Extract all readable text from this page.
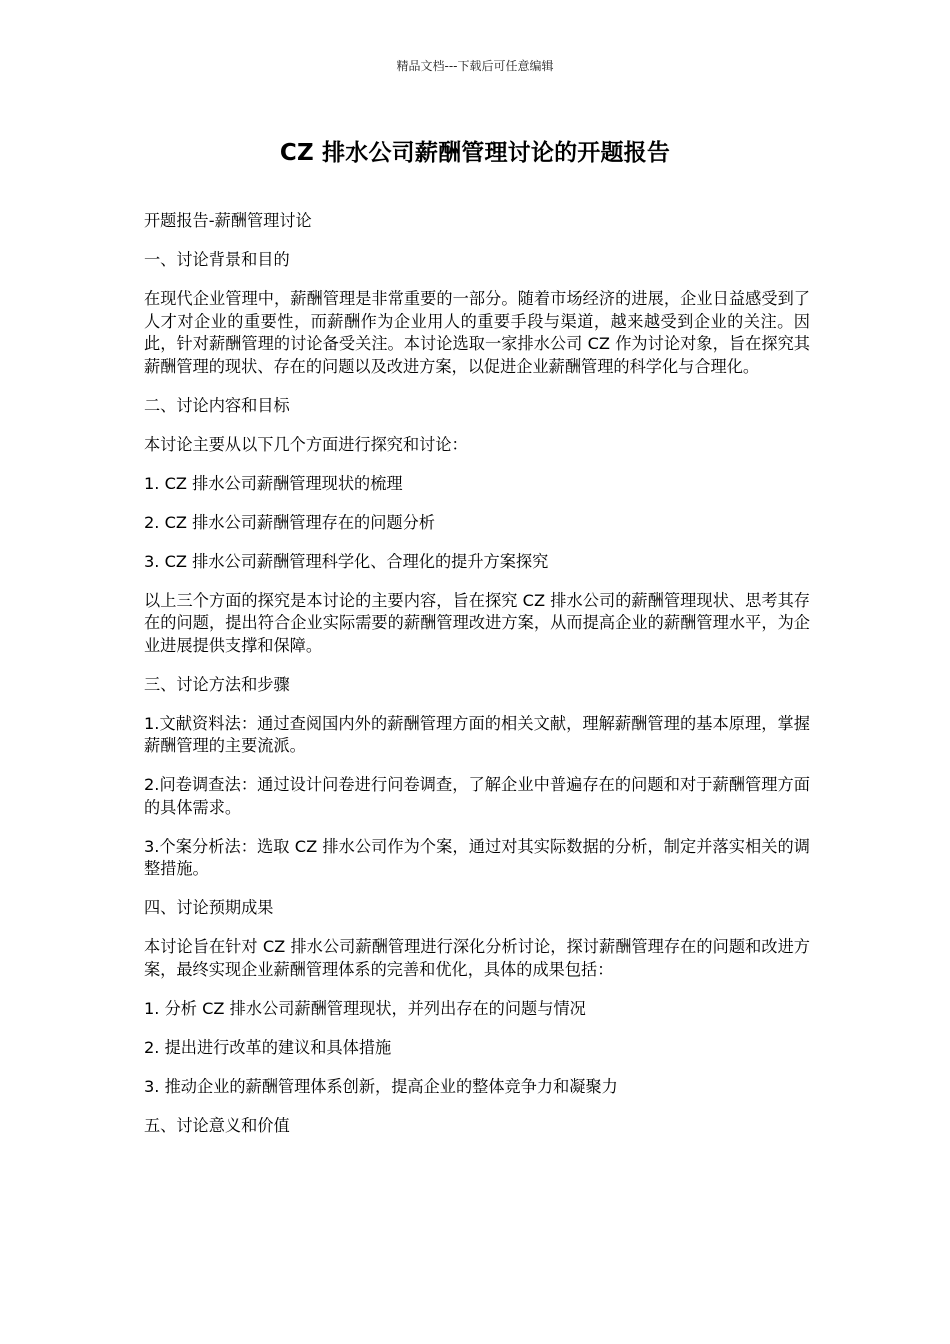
精品文档---下载后可任意编辑
CZ 排水公司薪酬管理讨论的开题报告

开题报告-薪酬管理讨论

一、讨论背景和目的

在现代企业管理中，薪酬管理是非常重要的一部分。随着市场经济的进展，企业日益感受到了人才对企业的重要性，而薪酬作为企业用人的重要手段与渠道，越来越受到企业的关注。因此，针对薪酬管理的讨论备受关注。本讨论选取一家排水公司 CZ 作为讨论对象，旨在探究其薪酬管理的现状、存在的问题以及改进方案，以促进企业薪酬管理的科学化与合理化。

二、讨论内容和目标

本讨论主要从以下几个方面进行探究和讨论：

1. CZ 排水公司薪酬管理现状的梳理

2. CZ 排水公司薪酬管理存在的问题分析

3. CZ 排水公司薪酬管理科学化、合理化的提升方案探究

以上三个方面的探究是本讨论的主要内容，旨在探究 CZ 排水公司的薪酬管理现状、思考其存在的问题，提出符合企业实际需要的薪酬管理改进方案，从而提高企业的薪酬管理水平，为企业进展提供支撑和保障。

三、讨论方法和步骤

1.文献资料法：通过查阅国内外的薪酬管理方面的相关文献，理解薪酬管理的基本原理，掌握薪酬管理的主要流派。

2.问卷调查法：通过设计问卷进行问卷调查，了解企业中普遍存在的问题和对于薪酬管理方面的具体需求。

3.个案分析法：选取 CZ 排水公司作为个案，通过对其实际数据的分析，制定并落实相关的调整措施。

四、讨论预期成果

本讨论旨在针对 CZ 排水公司薪酬管理进行深化分析讨论，探讨薪酬管理存在的问题和改进方案，最终实现企业薪酬管理体系的完善和优化，具体的成果包括：

1. 分析 CZ 排水公司薪酬管理现状，并列出存在的问题与情况

2. 提出进行改革的建议和具体措施

3. 推动企业的薪酬管理体系创新，提高企业的整体竞争力和凝聚力

五、讨论意义和价值
